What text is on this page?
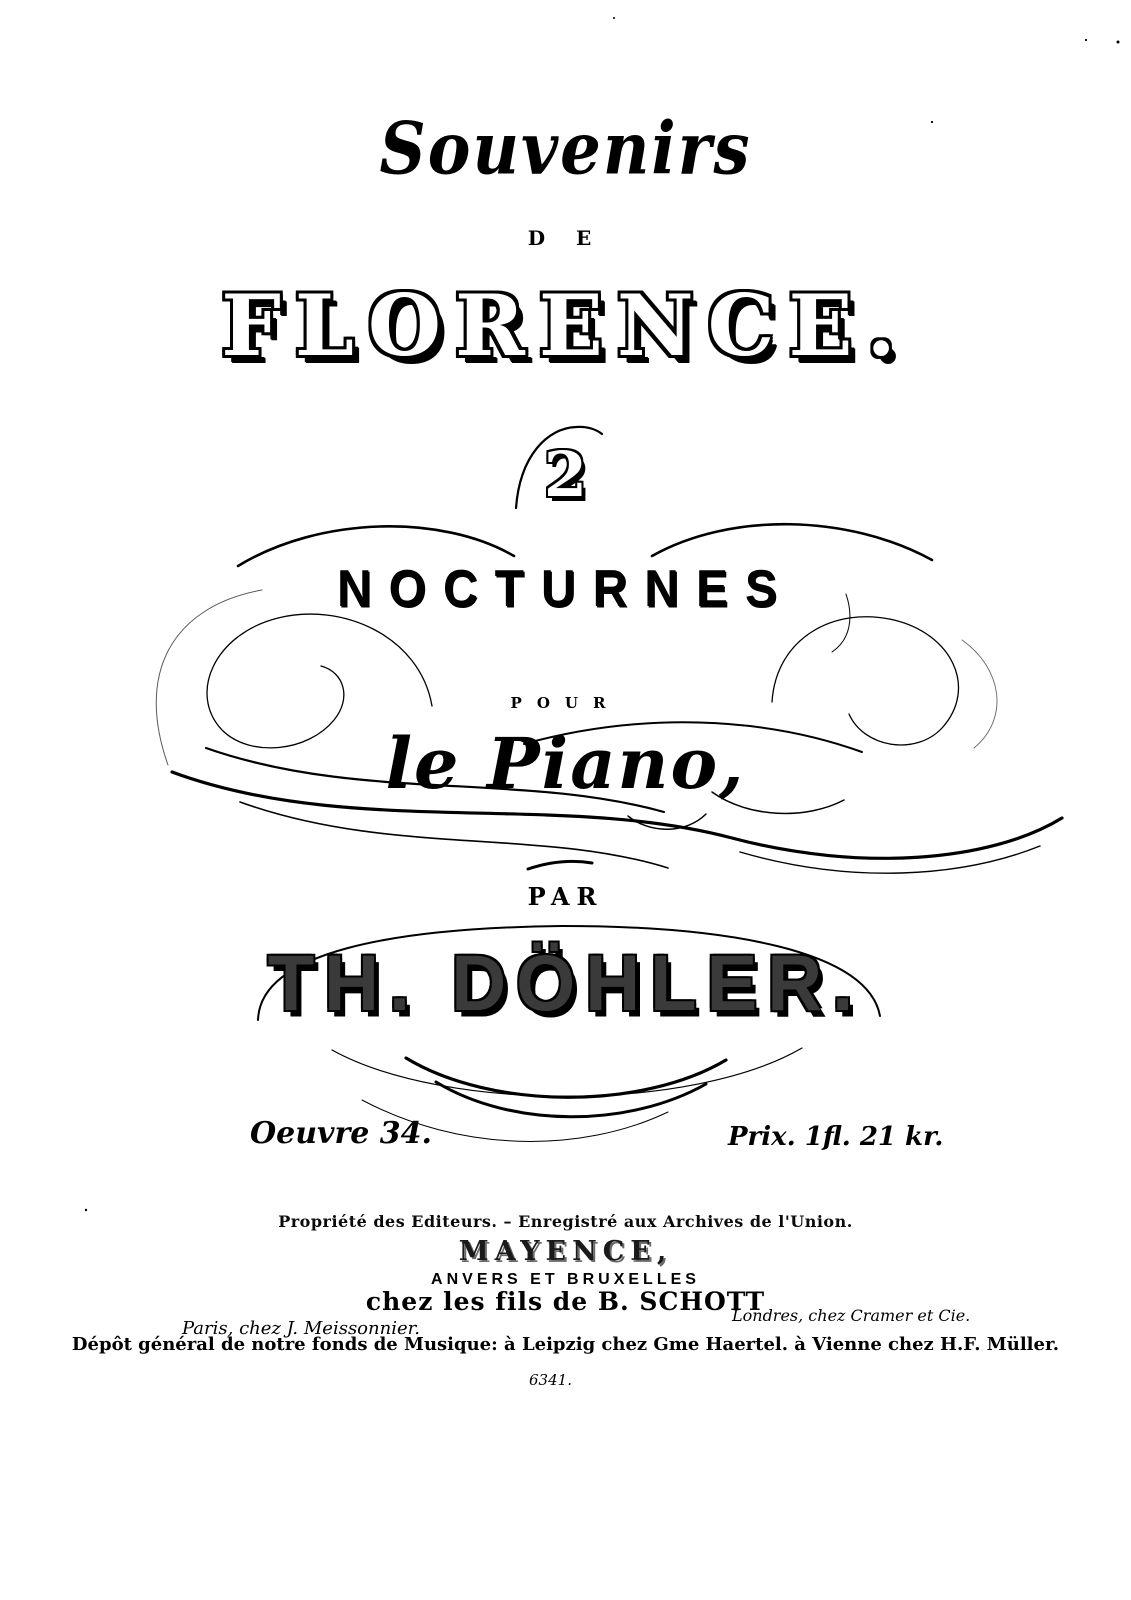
Souvenirs
D E
FLORENCE.
2
NOCTURNES
POUR
le Piano,
PAR
TH. DÖHLER.
Oeuvre 34.	Prix. 1fl. 21 kr.
Propriété des Editeurs. – Enregistré aux Archives de l'Union.
MAYENCE,
ANVERS ET BRUXELLES
chez les fils de B. SCHOTT
Paris, chez J. Meissonnier.
Londres, chez Cramer et Cie.
Dépôt général de notre fonds de Musique: à Leipzig chez Gme Haertel. à Vienne chez H.F. Müller.
6341.
